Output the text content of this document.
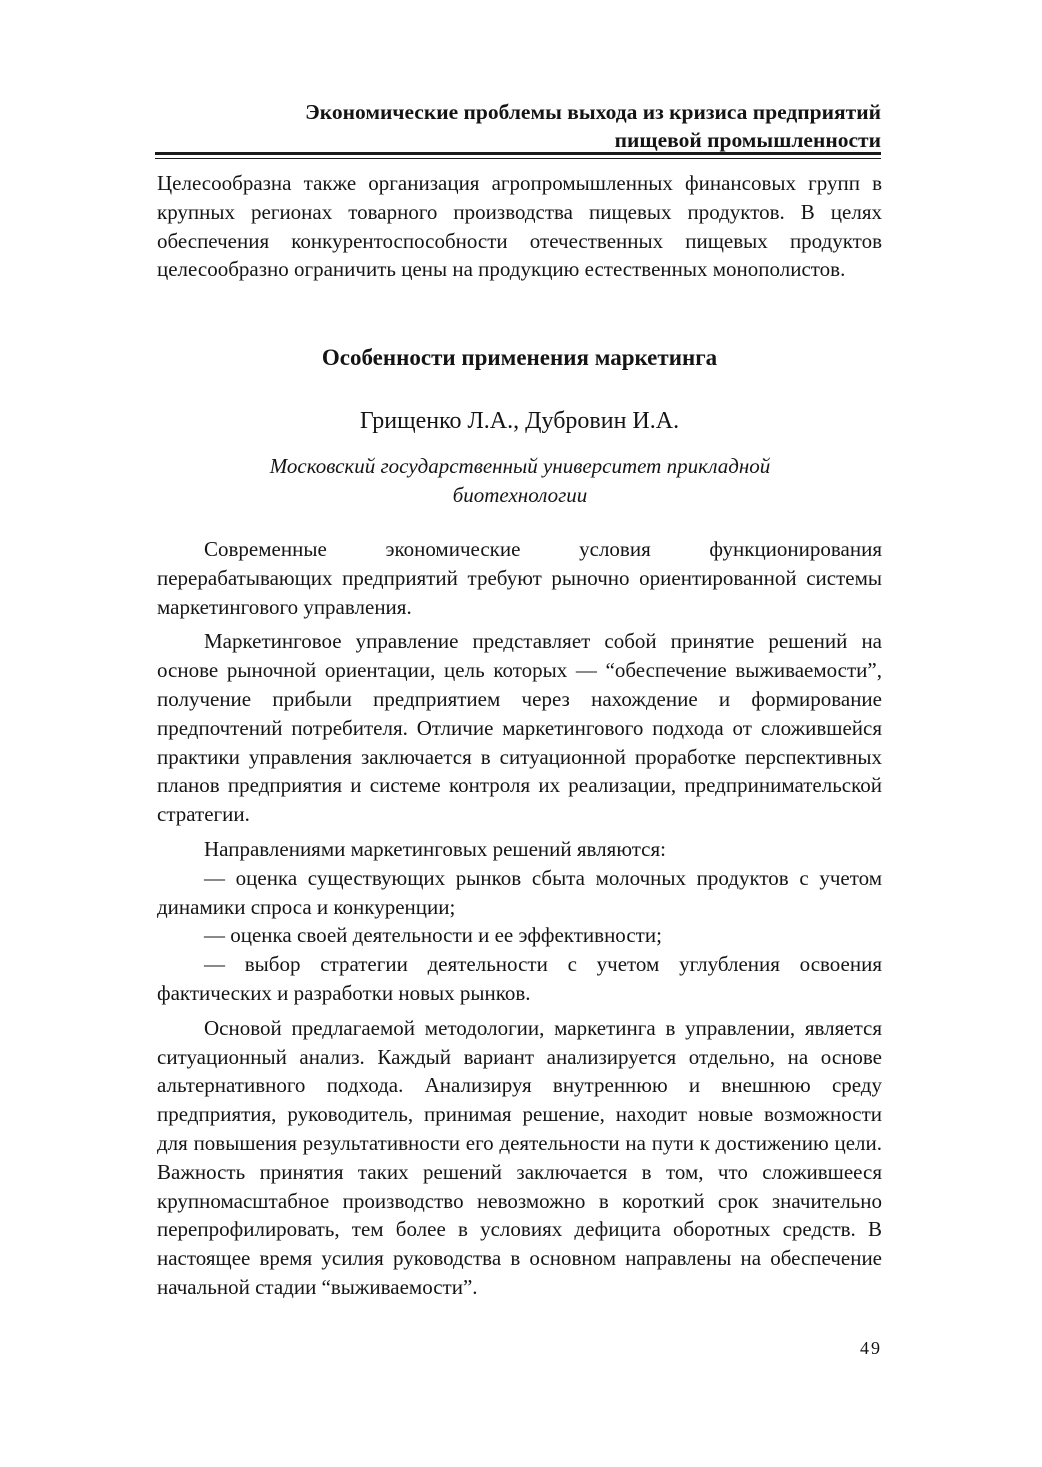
Экономические проблемы выхода из кризиса предприятий
пищевой промышленности

Целесообразна также организация агропромышленных финансовых групп в крупных регионах товарного производства пищевых продуктов. В целях обеспечения конкурентоспособности отечественных пищевых продуктов целесообразно ограничить цены на продукцию естественных монополистов.

Особенности применения маркетинга
Грищенко Л.А., Дубровин И.А.
Московский государственный университет прикладной
биотехнологии

Современные экономические условия функционирования перерабатывающих предприятий требуют рыночно ориентированной системы маркетингового управления.

Маркетинговое управление представляет собой принятие решений на основе рыночной ориентации, цель которых — “обеспечение выживаемости”, получение прибыли предприятием через нахождение и формирование предпочтений потребителя. Отличие маркетингового подхода от сложившейся практики управления заключается в ситуационной проработке перспективных планов предприятия и системе контроля их реализации, предпринимательской стратегии.

Направлениями маркетинговых решений являются:

— оценка существующих рынков сбыта молочных продуктов с учетом динамики спроса и конкуренции;

— оценка своей деятельности и ее эффективности;

— выбор стратегии деятельности с учетом углубления освоения фактических и разработки новых рынков.

Основой предлагаемой методологии, маркетинга в управлении, является ситуационный анализ. Каждый вариант анализируется отдельно, на основе альтернативного подхода. Анализируя внутреннюю и внешнюю среду предприятия, руководитель, принимая решение, находит новые возможности для повышения результативности его деятельности на пути к достижению цели. Важность принятия таких решений заключается в том, что сложившееся крупномасштабное производство невозможно в короткий срок значительно перепрофилировать, тем более в условиях дефицита оборотных средств. В настоящее время усилия руководства в основном направлены на обеспечение начальной стадии “выживаемости”.

49
